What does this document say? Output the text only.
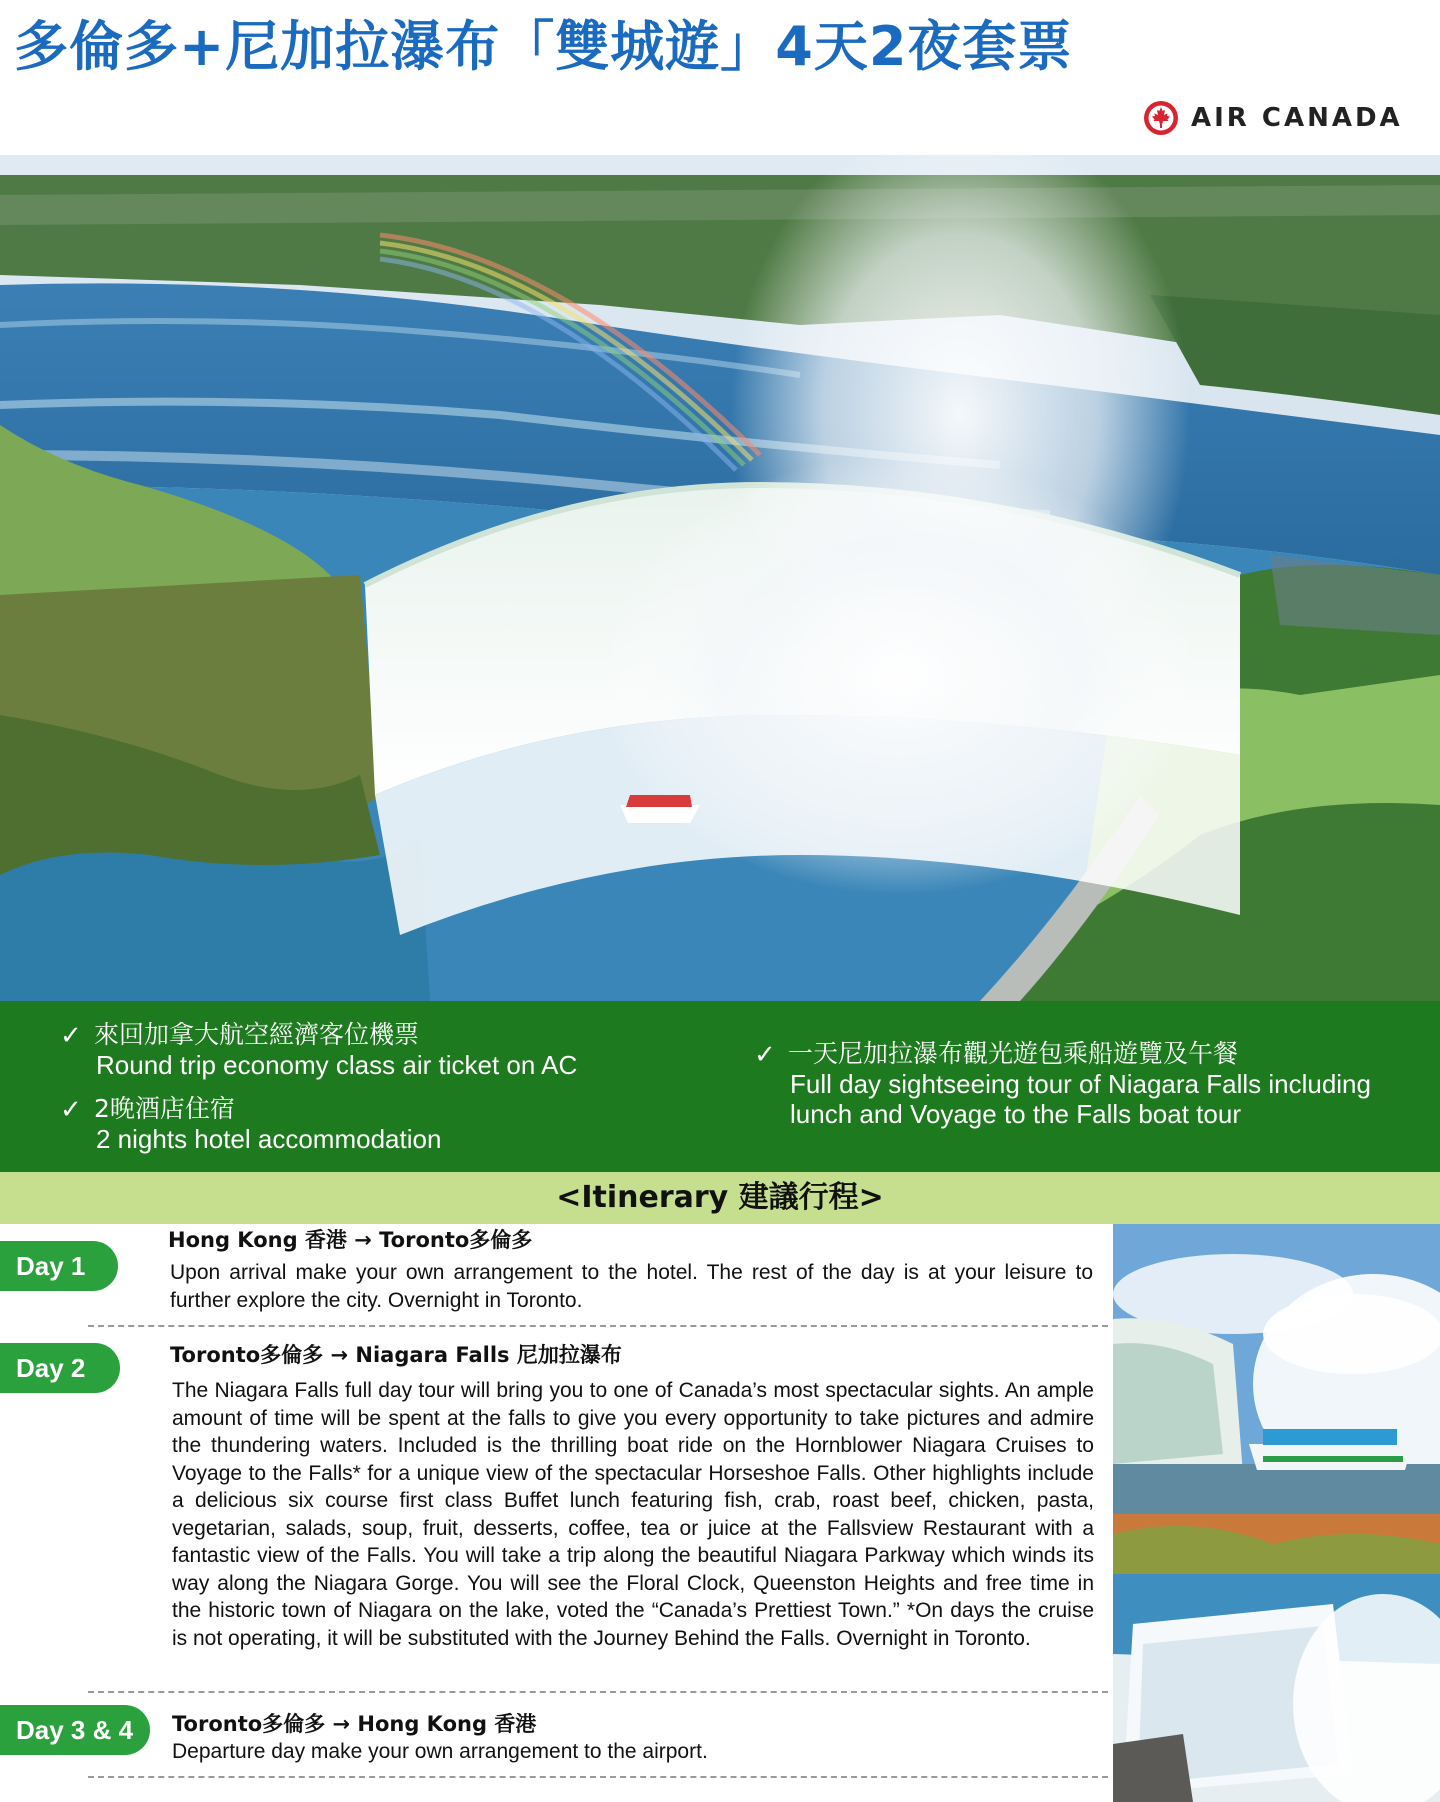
多倫多+尼加拉瀑布「雙城遊」4天2夜套票
AIR CANADA
✓ 來回加拿大航空經濟客位機票
Round trip economy class air ticket on AC
✓ 2晚酒店住宿
2 nights hotel accommodation
✓ 一天尼加拉瀑布觀光遊包乘船遊覽及午餐
Full day sightseeing tour of Niagara Falls including
lunch and Voyage to the Falls boat tour
<Itinerary 建議行程>
Day 1
Hong Kong 香港 → Toronto多倫多
Upon arrival make your own arrangement to the hotel. The rest of the day is at your leisure to further explore the city. Overnight in Toronto.
Day 2	Toronto多倫多 → Niagara Falls 尼加拉瀑布
The Niagara Falls full day tour will bring you to one of Canada’s most spectacular sights. An ample amount of time will be spent at the falls to give you every opportunity to take pictures and admire the thundering waters. Included is the thrilling boat ride on the Hornblower Niagara Cruises to Voyage to the Falls* for a unique view of the spectacular Horseshoe Falls. Other highlights include a delicious six course first class Buffet lunch featuring fish, crab, roast beef, chicken, pasta, vegetarian, salads, soup, fruit, desserts, coffee, tea or juice at the Fallsview Restaurant with a fantastic view of the Falls. You will take a trip along the beautiful Niagara Parkway which winds its way along the Niagara Gorge. You will see the Floral Clock, Queenston Heights and free time in the historic town of Niagara on the lake, voted the “Canada’s Prettiest Town.” *On days the cruise is not operating, it will be substituted with the Journey Behind the Falls. Overnight in Toronto.
Day 3 & 4	Toronto多倫多 → Hong Kong 香港
Departure day make your own arrangement to the airport.
